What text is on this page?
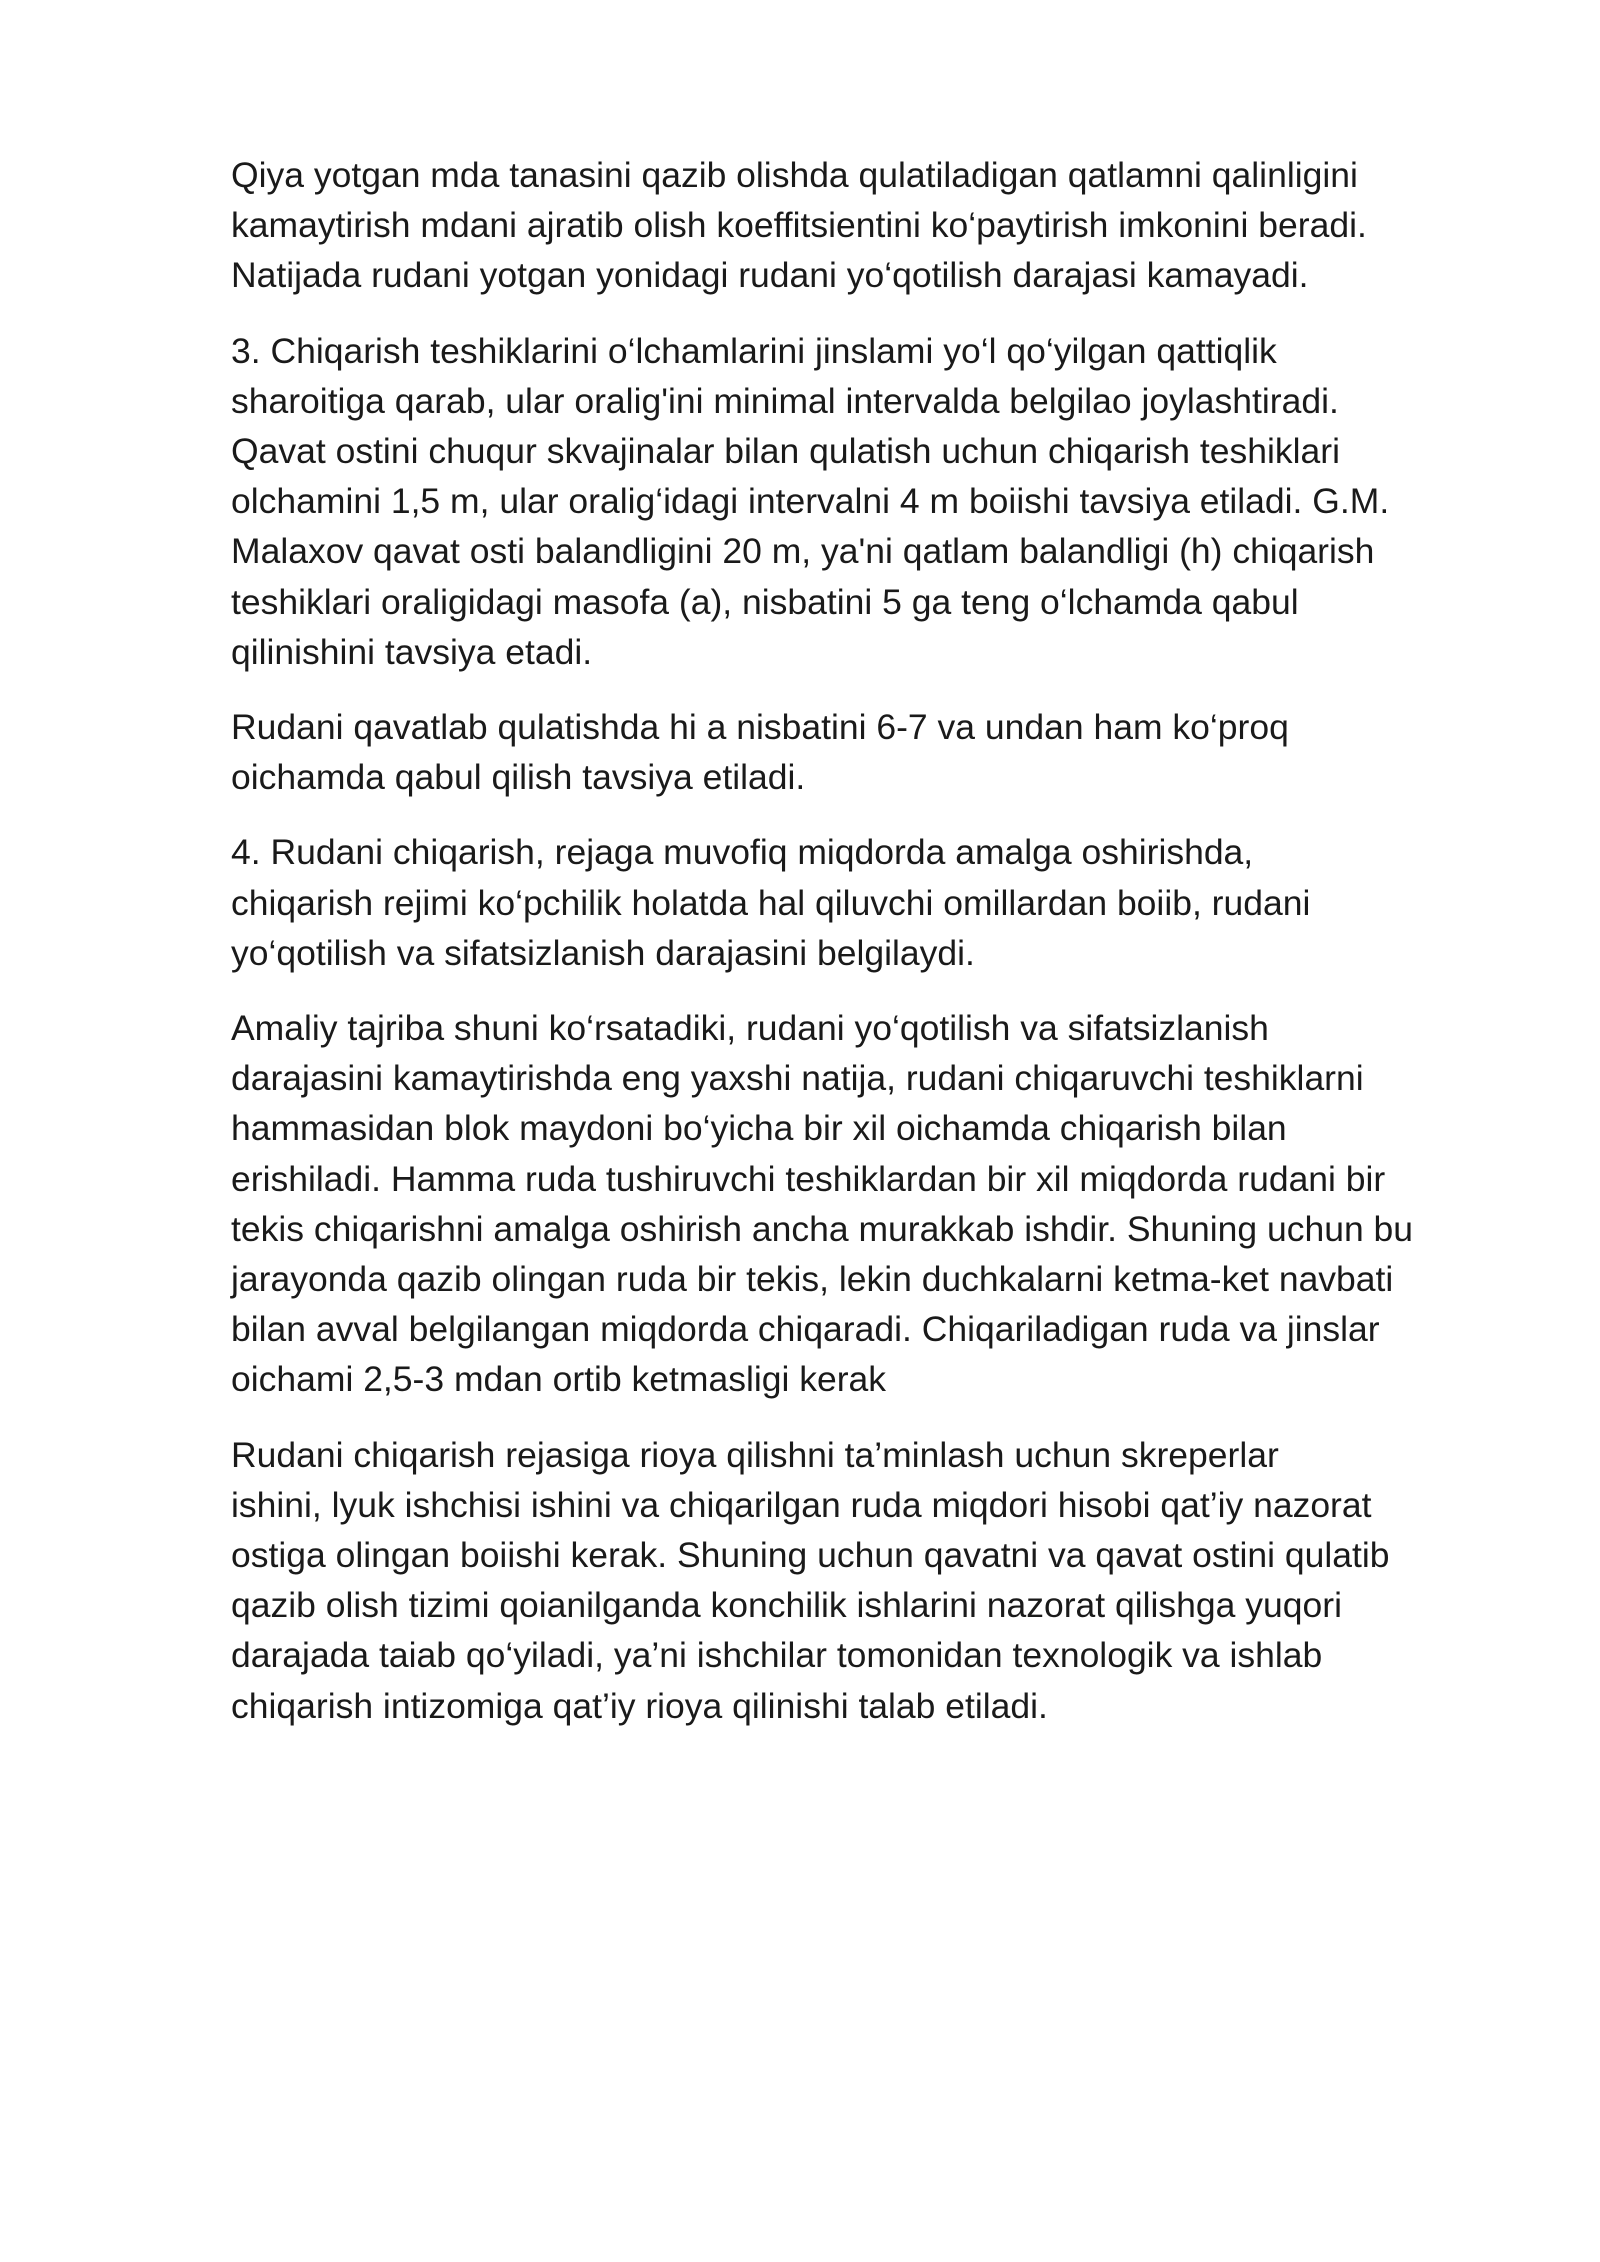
Qiya yotgan mda tanasini qazib olishda qulatiladigan qatlamni qalinligini
kamaytirish mdani ajratib olish koeffitsientini ko‘paytirish imkonini beradi.
Natijada rudani yotgan yonidagi rudani yo‘qotilish darajasi kamayadi.

3. Chiqarish teshiklarini o‘lchamlarini jinslami yo‘l qo‘yilgan qattiqlik
sharoitiga qarab, ular oralig'ini minimal intervalda belgilao joylashtiradi.
Qavat ostini chuqur skvajinalar bilan qulatish uchun chiqarish teshiklari
olchamini 1,5 m, ular oralig‘idagi intervalni 4 m boiishi tavsiya etiladi. G.M.
Malaxov qavat osti balandligini 20 m, ya'ni qatlam balandligi (h) chiqarish
teshiklari oraligidagi masofa (a), nisbatini 5 ga teng o‘lchamda qabul
qilinishini tavsiya etadi.

Rudani qavatlab qulatishda hi a nisbatini 6-7 va undan ham ko‘proq
oichamda qabul qilish tavsiya etiladi.

4. Rudani chiqarish, rejaga muvofiq miqdorda amalga oshirishda,
chiqarish rejimi ko‘pchilik holatda hal qiluvchi omillardan boiib, rudani
yo‘qotilish va sifatsizlanish darajasini belgilaydi.

Amaliy tajriba shuni ko‘rsatadiki, rudani yo‘qotilish va sifatsizlanish
darajasini kamaytirishda eng yaxshi natija, rudani chiqaruvchi teshiklarni
hammasidan blok maydoni bo‘yicha bir xil oichamda chiqarish bilan
erishiladi. Hamma ruda tushiruvchi teshiklardan bir xil miqdorda rudani bir
tekis chiqarishni amalga oshirish ancha murakkab ishdir. Shuning uchun bu
jarayonda qazib olingan ruda bir tekis, lekin duchkalarni ketma-ket navbati
bilan avval belgilangan miqdorda chiqaradi. Chiqariladigan ruda va jinslar
oichami 2,5-3 mdan ortib ketmasligi kerak

Rudani chiqarish rejasiga rioya qilishni ta’minlash uchun skreperlar
ishini, lyuk ishchisi ishini va chiqarilgan ruda miqdori hisobi qat’iy nazorat
ostiga olingan boiishi kerak. Shuning uchun qavatni va qavat ostini qulatib
qazib olish tizimi qoianilganda konchilik ishlarini nazorat qilishga yuqori
darajada taiab qo‘yiladi, ya’ni ishchilar tomonidan texnologik va ishlab
chiqarish intizomiga qat’iy rioya qilinishi talab etiladi.
